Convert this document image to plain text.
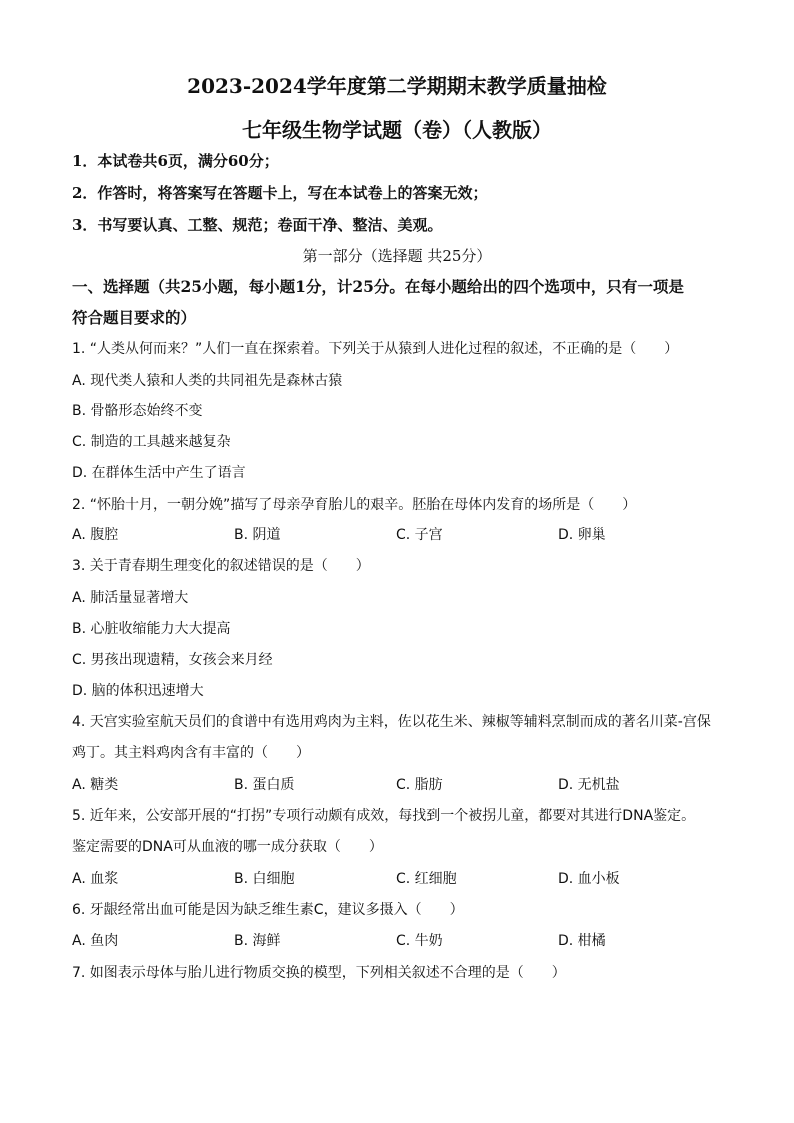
2023-2024学年度第二学期期末教学质量抽检
七年级生物学试题（卷）（人教版）
1．本试卷共6页，满分60分；
2．作答时，将答案写在答题卡上，写在本试卷上的答案无效；
3．书写要认真、工整、规范；卷面干净、整洁、美观。
第一部分（选择题 共25分）
一、选择题（共25小题，每小题1分，计25分。在每小题给出的四个选项中，只有一项是
符合题目要求的）
1. “人类从何而来？”人们一直在探索着。下列关于从猿到人进化过程的叙述，不正确的是（　　）
A. 现代类人猿和人类的共同祖先是森林古猿
B. 骨骼形态始终不变
C. 制造的工具越来越复杂
D. 在群体生活中产生了语言
2. “怀胎十月，一朝分娩”描写了母亲孕育胎儿的艰辛。胚胎在母体内发育的场所是（　　）
A. 腹腔	B. 阴道	C. 子宫	D. 卵巢
3. 关于青春期生理变化的叙述错误的是（　　）
A. 肺活量显著增大
B. 心脏收缩能力大大提高
C. 男孩出现遗精，女孩会来月经
D. 脑的体积迅速增大
4. 天宫实验室航天员们的食谱中有选用鸡肉为主料，佐以花生米、辣椒等辅料烹制而成的著名川菜-宫保
鸡丁。其主料鸡肉含有丰富的（　　）
A. 糖类	B. 蛋白质	C. 脂肪	D. 无机盐
5. 近年来，公安部开展的“打拐”专项行动颇有成效，每找到一个被拐儿童，都要对其进行DNA鉴定。
鉴定需要的DNA可从血液的哪一成分获取（　　）
A. 血浆	B. 白细胞	C. 红细胞	D. 血小板
6. 牙龈经常出血可能是因为缺乏维生素C，建议多摄入（　　）
A. 鱼肉	B. 海鲜	C. 牛奶	D. 柑橘
7. 如图表示母体与胎儿进行物质交换的模型，下列相关叙述不合理的是（　　）
